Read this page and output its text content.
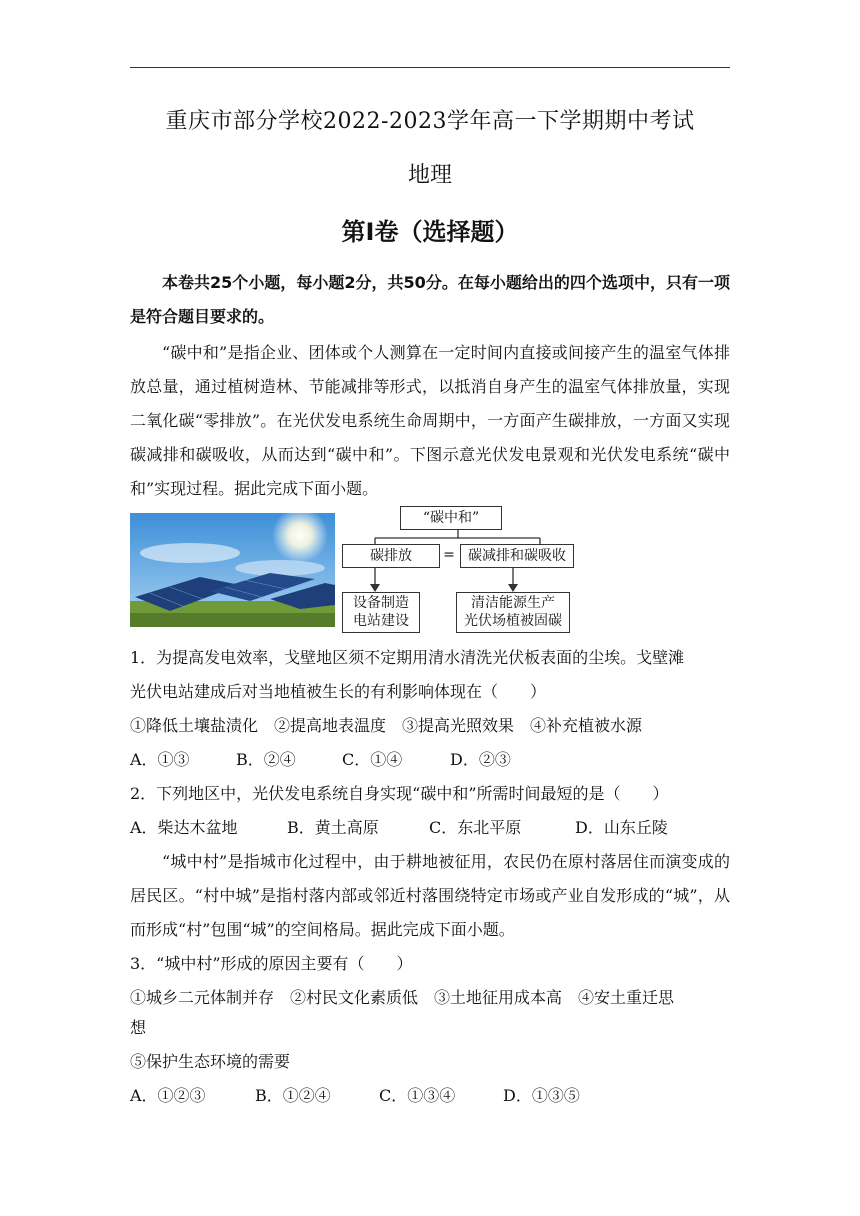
重庆市部分学校2022-2023学年高一下学期期中考试
地理
第Ⅰ卷（选择题）
本卷共25个小题，每小题2分，共50分。在每小题给出的四个选项中，只有一项是符合题目要求的。
“碳中和”是指企业、团体或个人测算在一定时间内直接或间接产生的温室气体排放总量，通过植树造林、节能减排等形式，以抵消自身产生的温室气体排放量，实现二氧化碳“零排放”。在光伏发电系统生命周期中，一方面产生碳排放，一方面又实现碳减排和碳吸收，从而达到“碳中和”。下图示意光伏发电景观和光伏发电系统“碳中和”实现过程。据此完成下面小题。
“碳中和”
碳排放	= 碳减排和碳吸收
设备制造
电站建设
清洁能源生产
光伏场植被固碳
1．为提高发电效率，戈壁地区须不定期用清水清洗光伏板表面的尘埃。戈壁滩
光伏电站建成后对当地植被生长的有利影响体现在（　　）
①降低土壤盐渍化　②提高地表温度　③提高光照效果　④补充植被水源
A．①③	B．②④	C．①④	D．②③
2．下列地区中，光伏发电系统自身实现“碳中和”所需时间最短的是（　　）
A．柴达木盆地	B．黄土高原	C．东北平原	D．山东丘陵
“城中村”是指城市化过程中，由于耕地被征用，农民仍在原村落居住而演变成的居民区。“村中城”是指村落内部或邻近村落围绕特定市场或产业自发形成的“城”，从而形成“村”包围“城”的空间格局。据此完成下面小题。
3．“城中村”形成的原因主要有（　　）
①城乡二元体制并存　②村民文化素质低　③土地征用成本高　④安土重迁思
想
⑤保护生态环境的需要
A．①②③	B．①②④	C．①③④	D．①③⑤
